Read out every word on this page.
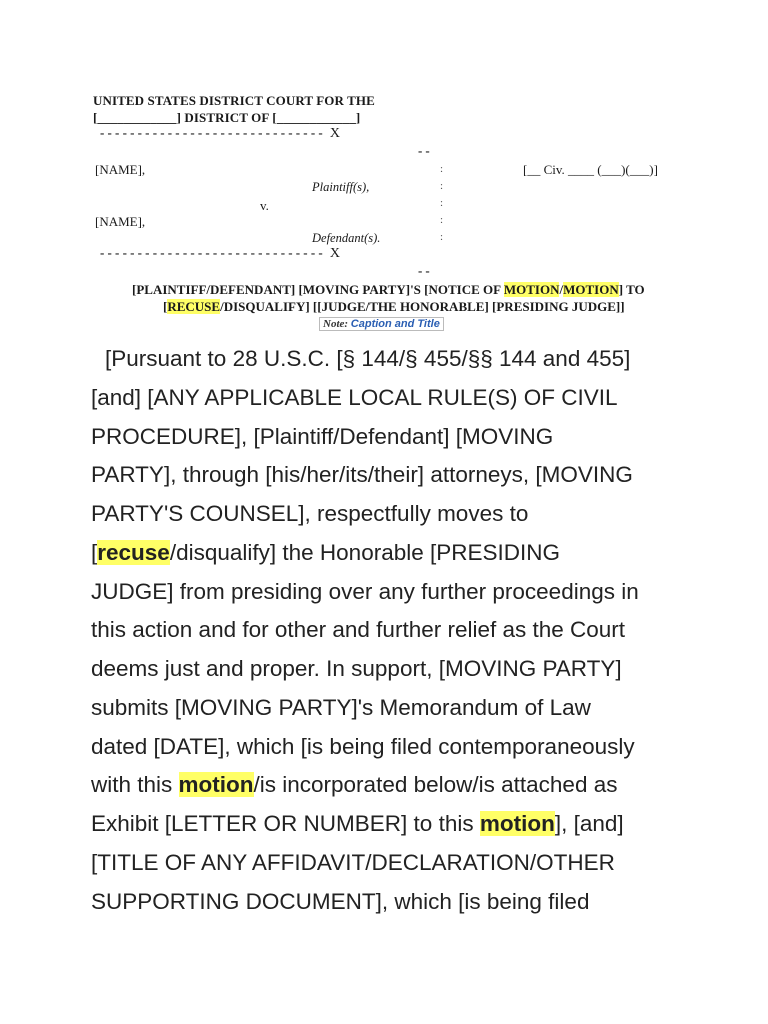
UNITED STATES DISTRICT COURT FOR THE
[____________] DISTRICT OF [____________]
------------------------------ X
--
[NAME],
Plaintiff(s),
v.
[NAME],
Defendant(s).
:
:
:
:
:
[__ Civ. ____ (___)(___)]
------------------------------ X
--
[PLAINTIFF/DEFENDANT] [MOVING PARTY]'S [NOTICE OF MOTION/MOTION] TO
[RECUSE/DISQUALIFY] [[JUDGE/THE HONORABLE] [PRESIDING JUDGE]]
Note: Caption and Title
[Pursuant to 28 U.S.C. [§ 144/§ 455/§§ 144 and 455]
[and] [ANY APPLICABLE LOCAL RULE(S) OF CIVIL
PROCEDURE], [Plaintiff/Defendant] [MOVING
PARTY], through [his/her/its/their] attorneys, [MOVING
PARTY'S COUNSEL], respectfully moves to
[recuse/disqualify] the Honorable [PRESIDING
JUDGE] from presiding over any further proceedings in
this action and for other and further relief as the Court
deems just and proper. In support, [MOVING PARTY]
submits [MOVING PARTY]'s Memorandum of Law
dated [DATE], which [is being filed contemporaneously
with this motion/is incorporated below/is attached as
Exhibit [LETTER OR NUMBER] to this motion], [and]
[TITLE OF ANY AFFIDAVIT/DECLARATION/OTHER
SUPPORTING DOCUMENT], which [is being filed
